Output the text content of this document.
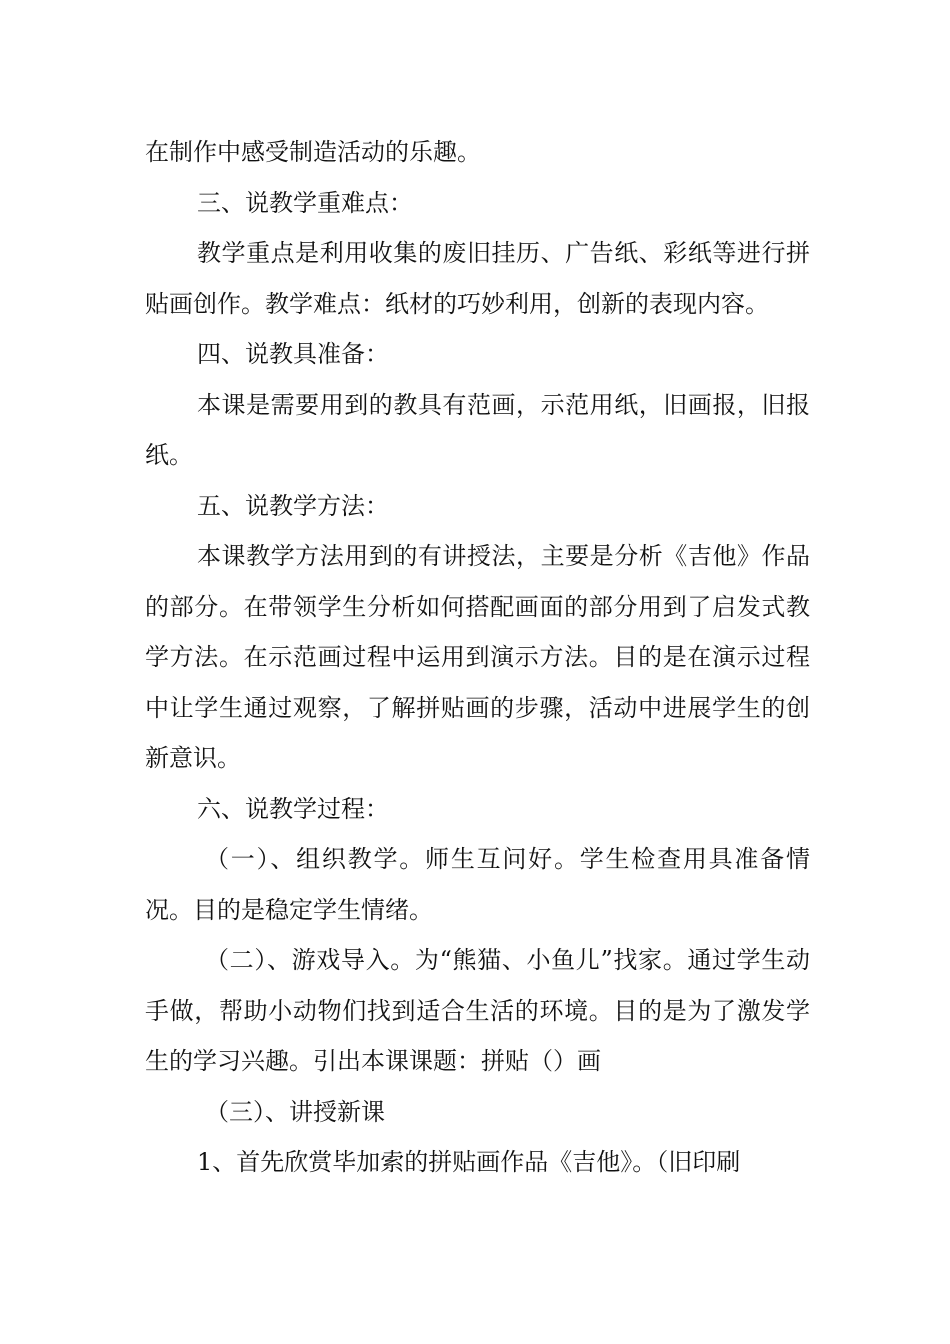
在制作中感受制造活动的乐趣。

三、说教学重难点：

教学重点是利用收集的废旧挂历、广告纸、彩纸等进行拼贴画创作。教学难点：纸材的巧妙利用，创新的表现内容。

四、说教具准备：

本课是需要用到的教具有范画，示范用纸，旧画报，旧报纸。

五、说教学方法：

本课教学方法用到的有讲授法，主要是分析《吉他》作品的部分。在带领学生分析如何搭配画面的部分用到了启发式教学方法。在示范画过程中运用到演示方法。目的是在演示过程中让学生通过观察，了解拼贴画的步骤，活动中进展学生的创新意识。

六、说教学过程：

（一）、组织教学。师生互问好。学生检查用具准备情况。目的是稳定学生情绪。

（二）、游戏导入。为“熊猫、小鱼儿”找家。通过学生动手做，帮助小动物们找到适合生活的环境。目的是为了激发学生的学习兴趣。引出本课课题：拼贴（）画

（三）、讲授新课

1、首先欣赏毕加索的拼贴画作品《吉他》。（旧印刷
